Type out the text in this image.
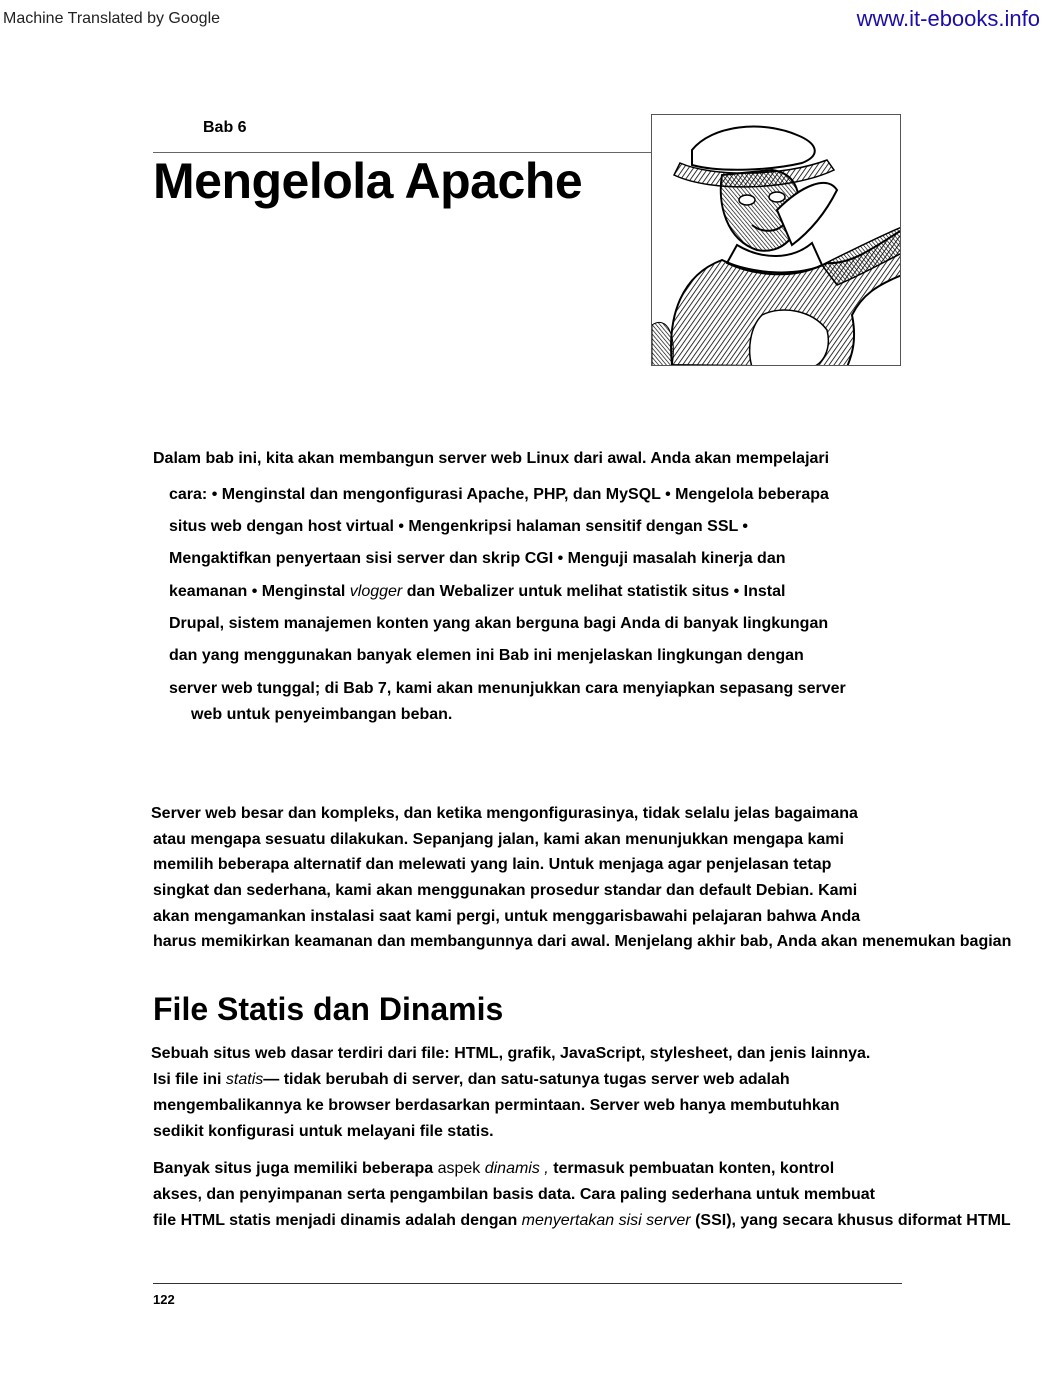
Machine Translated by Google	www.it-ebooks.info
Bab 6
Mengelola Apache
Dalam bab ini, kita akan membangun server web Linux dari awal. Anda akan mempelajari
cara: • Menginstal dan mengonfigurasi Apache, PHP, dan MySQL • Mengelola beberapa
situs web dengan host virtual • Mengenkripsi halaman sensitif dengan SSL •
Mengaktifkan penyertaan sisi server dan skrip CGI • Menguji masalah kinerja dan
keamanan • Menginstal vlogger dan Webalizer untuk melihat statistik situs • Instal
Drupal, sistem manajemen konten yang akan berguna bagi Anda di banyak lingkungan
dan yang menggunakan banyak elemen ini Bab ini menjelaskan lingkungan dengan
server web tunggal; di Bab 7, kami akan menunjukkan cara menyiapkan sepasang server
web untuk penyeimbangan beban.
Server web besar dan kompleks, dan ketika mengonfigurasinya, tidak selalu jelas bagaimana
atau mengapa sesuatu dilakukan. Sepanjang jalan, kami akan menunjukkan mengapa kami
memilih beberapa alternatif dan melewati yang lain. Untuk menjaga agar penjelasan tetap
singkat dan sederhana, kami akan menggunakan prosedur standar dan default Debian. Kami
akan mengamankan instalasi saat kami pergi, untuk menggarisbawahi pelajaran bahwa Anda
harus memikirkan keamanan dan membangunnya dari awal. Menjelang akhir bab, Anda akan menemukan bagian
File Statis dan Dinamis
Sebuah situs web dasar terdiri dari file: HTML, grafik, JavaScript, stylesheet, dan jenis lainnya.
Isi file ini statis— tidak berubah di server, dan satu-satunya tugas server web adalah
mengembalikannya ke browser berdasarkan permintaan. Server web hanya membutuhkan
sedikit konfigurasi untuk melayani file statis.
Banyak situs juga memiliki beberapa aspek dinamis , termasuk pembuatan konten, kontrol
akses, dan penyimpanan serta pengambilan basis data. Cara paling sederhana untuk membuat
file HTML statis menjadi dinamis adalah dengan menyertakan sisi server (SSI), yang secara khusus diformat HTML
122
